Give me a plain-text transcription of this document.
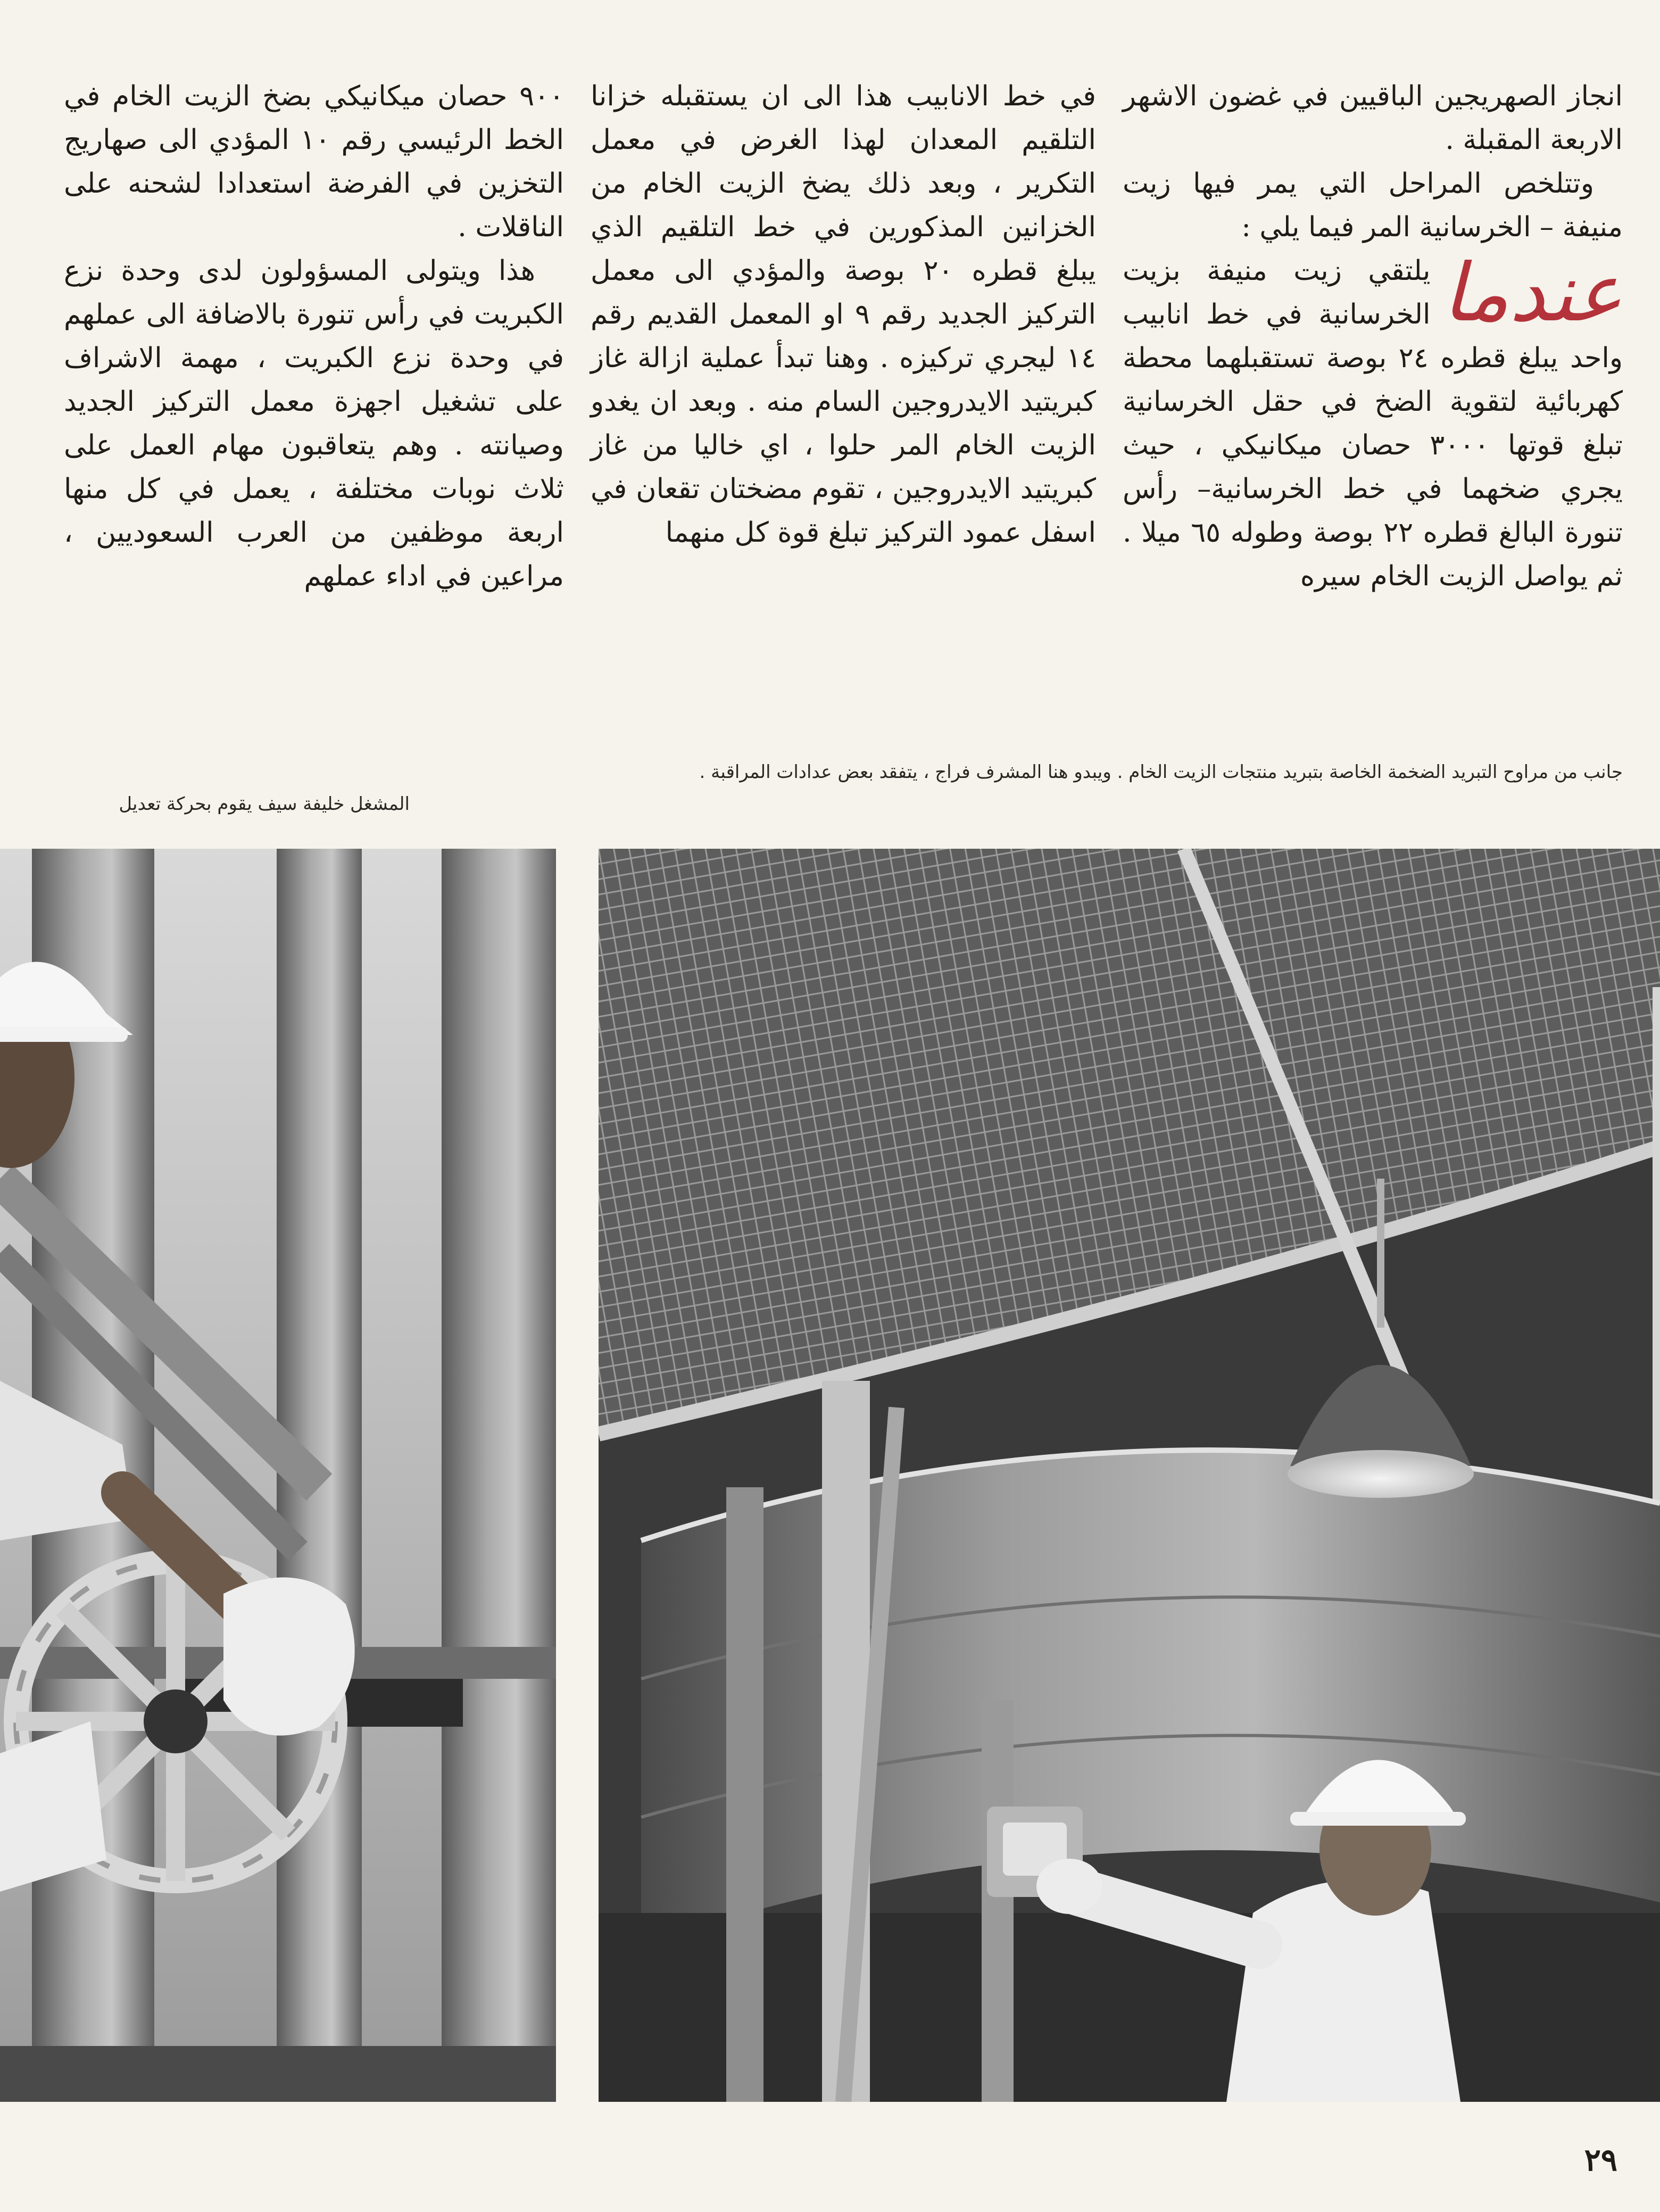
انجاز الصهريجين الباقيين في غضون الاشهر الاربعة المقبلة .

وتتلخص المراحل التي يمر فيها زيت منيفة – الخرسانية المر فيما يلي :

عندما
يلتقي زيت منيفة بزيت الخرسانية في خط انابيب واحد يبلغ قطره ٢٤ بوصة تستقبلهما محطة كهربائية لتقوية الضخ في حقل الخرسانية تبلغ قوتها ٣٠٠٠ حصان ميكانيكي ، حيث يجري ضخهما في خط الخرسانية– رأس تنورة البالغ قطره ٢٢ بوصة وطوله ٦٥ ميلا . ثم يواصل الزيت الخام سيره

في خط الانابيب هذا الى ان يستقبله خزانا التلقيم المعدان لهذا الغرض في معمل التكرير ، وبعد ذلك يضخ الزيت الخام من الخزانين المذكورين في خط التلقيم الذي يبلغ قطره ٢٠ بوصة والمؤدي الى معمل التركيز الجديد رقم ٩ او المعمل القديم رقم ١٤ ليجري تركيزه . وهنا تبدأ عملية ازالة غاز كبريتيد الايدروجين السام منه . وبعد ان يغدو الزيت الخام المر حلوا ، اي خاليا من غاز كبريتيد الايدروجين ، تقوم مضختان تقعان في اسفل عمود التركيز تبلغ قوة كل منهما

٩٠٠ حصان ميكانيكي بضخ الزيت الخام في الخط الرئيسي رقم ١٠ المؤدي الى صهاريج التخزين في الفرضة استعدادا لشحنه على الناقلات .

هذا ويتولى المسؤولون لدى وحدة نزع الكبريت في رأس تنورة بالاضافة الى عملهم في وحدة نزع الكبريت ، مهمة الاشراف على تشغيل اجهزة معمل التركيز الجديد وصيانته . وهم يتعاقبون مهام العمل على ثلاث نوبات مختلفة ، يعمل في كل منها اربعة موظفين من العرب السعوديين ، مراعين في اداء عملهم

جانب من مراوح التبريد الضخمة الخاصة بتبريد منتجات الزيت الخام . ويبدو هنا المشرف فراج ، يتفقد بعض عدادات المراقبة .

المشغل خليفة سيف يقوم بحركة تعديل

٢٩
